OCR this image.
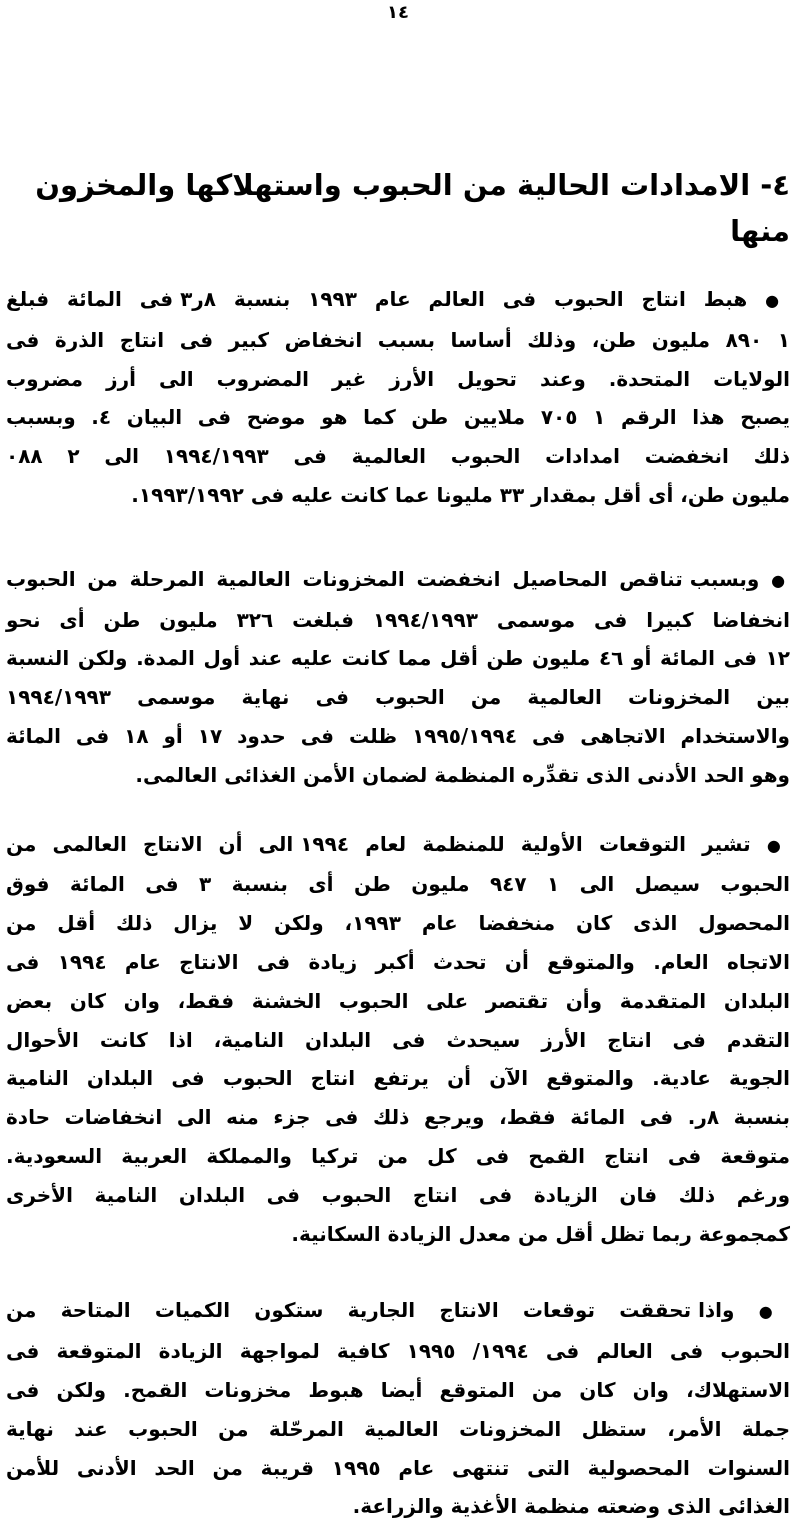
١٤
٤- الامدادات الحالية من الحبوب واستهلاكها والمخزون منها
● هبط انتاج الحبوب فى العالم عام ١٩٩٣ بنسبة ٨ر٣ فى المائة فبلغ
١ ٨٩٠ مليون طن، وذلك أساسا بسبب انخفاض كبير فى انتاج الذرة فى
الولايات المتحدة. وعند تحويل الأرز غير المضروب الى أرز مضروب
يصبح هذا الرقم ١ ٧٠٥ ملايين طن كما هو موضح فى البيان ٤. وبسبب
ذلك انخفضت امدادات الحبوب العالمية فى ١٩٩٤/١٩٩٣ الى ٢ ٠٨٨
مليون طن، أى أقل بمقدار ٣٣ مليونا عما كانت عليه فى ١٩٩٣/١٩٩٢.
● وبسبب تناقص المحاصيل انخفضت المخزونات العالمية المرحلة من الحبوب
انخفاضا كبيرا فى موسمى ١٩٩٤/١٩٩٣ فبلغت ٣٢٦ مليون طن أى نحو
١٢ فى المائة أو ٤٦ مليون طن أقل مما كانت عليه عند أول المدة. ولكن النسبة
بين المخزونات العالمية من الحبوب فى نهاية موسمى ١٩٩٤/١٩٩٣
والاستخدام الاتجاهى فى ١٩٩٥/١٩٩٤ ظلت فى حدود ١٧ أو ١٨ فى المائة
وهو الحد الأدنى الذى تقدِّره المنظمة لضمان الأمن الغذائى العالمى.
● تشير التوقعات الأولية للمنظمة لعام ١٩٩٤ الى أن الانتاج العالمى من
الحبوب سيصل الى ١ ٩٤٧ مليون طن أى بنسبة ٣ فى المائة فوق
المحصول الذى كان منخفضا عام ١٩٩٣، ولكن لا يزال ذلك أقل من
الاتجاه العام. والمتوقع أن تحدث أكبر زيادة فى الانتاج عام ١٩٩٤ فى
البلدان المتقدمة وأن تقتصر على الحبوب الخشنة فقط، وان كان بعض
التقدم فى انتاج الأرز سيحدث فى البلدان النامية، اذا كانت الأحوال
الجوية عادية. والمتوقع الآن أن يرتفع انتاج الحبوب فى البلدان النامية
بنسبة ٨ر. فى المائة فقط، ويرجع ذلك فى جزء منه الى انخفاضات حادة
متوقعة فى انتاج القمح فى كل من تركيا والمملكة العربية السعودية.
ورغم ذلك فان الزيادة فى انتاج الحبوب فى البلدان النامية الأخرى
كمجموعة ربما تظل أقل من معدل الزيادة السكانية.
● واذا تحققت توقعات الانتاج الجارية ستكون الكميات المتاحة من
الحبوب فى العالم فى ١٩٩٤/ ١٩٩٥ كافية لمواجهة الزيادة المتوقعة فى
الاستهلاك، وان كان من المتوقع أيضا هبوط مخزونات القمح. ولكن فى
جملة الأمر، ستظل المخزونات العالمية المرحّلة من الحبوب عند نهاية
السنوات المحصولية التى تنتهى عام ١٩٩٥ قريبة من الحد الأدنى للأمن
الغذائى الذى وضعته منظمة الأغذية والزراعة.
